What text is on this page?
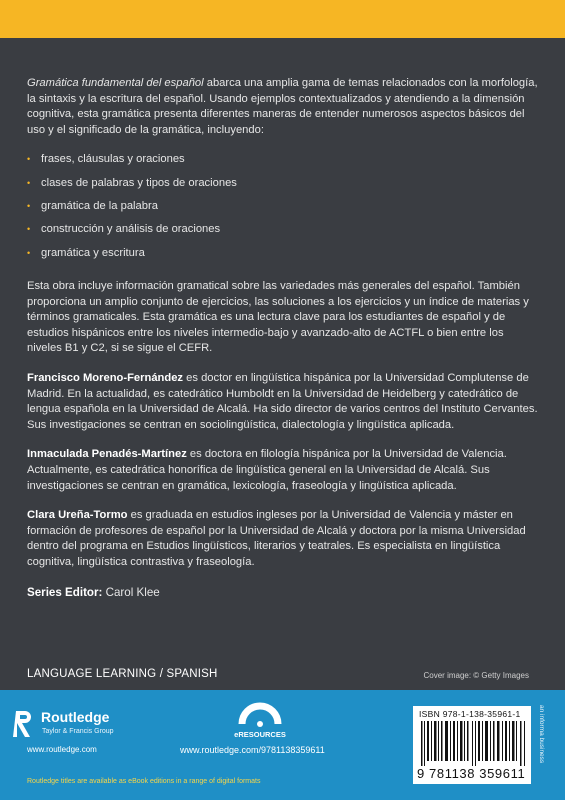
Gramática fundamental del español abarca una amplia gama de temas relacionados con la morfología, la sintaxis y la escritura del español. Usando ejemplos contextualizados y atendiendo a la dimensión cognitiva, esta gramática presenta diferentes maneras de entender numerosos aspectos básicos del uso y el significado de la gramática, incluyendo:

• frases, cláusulas y oraciones
• clases de palabras y tipos de oraciones
• gramática de la palabra
• construcción y análisis de oraciones
• gramática y escritura

Esta obra incluye información gramatical sobre las variedades más generales del español. También proporciona un amplio conjunto de ejercicios, las soluciones a los ejercicios y un índice de materias y términos gramaticales. Esta gramática es una lectura clave para los estudiantes de español y de estudios hispánicos entre los niveles intermedio-bajo y avanzado-alto de ACTFL o bien entre los niveles B1 y C2, si se sigue el CEFR.

Francisco Moreno-Fernández es doctor en lingüística hispánica por la Universidad Complutense de Madrid. En la actualidad, es catedrático Humboldt en la Universidad de Heidelberg y catedrático de lengua española en la Universidad de Alcalá. Ha sido director de varios centros del Instituto Cervantes. Sus investigaciones se centran en sociolingüística, dialectología y lingüística aplicada.

Inmaculada Penadés-Martínez es doctora en filología hispánica por la Universidad de Valencia. Actualmente, es catedrática honorífica de lingüística general en la Universidad de Alcalá. Sus investigaciones se centran en gramática, lexicología, fraseología y lingüística aplicada.

Clara Ureña-Tormo es graduada en estudios ingleses por la Universidad de Valencia y máster en formación de profesores de español por la Universidad de Alcalá y doctora por la misma Universidad dentro del programa en Estudios lingüísticos, literarios y teatrales. Es especialista en lingüística cognitiva, lingüística contrastiva y fraseología.

Series Editor: Carol Klee
LANGUAGE LEARNING / SPANISH	Cover image: © Getty Images
Routledge
Taylor & Francis Group
www.routledge.com
eRESOURCES
www.routledge.com/9781138359611
Routledge titles are available as eBook editions in a range of digital formats
ISBN 978-1-138-35961-1
9 781138 359611
an informa business
